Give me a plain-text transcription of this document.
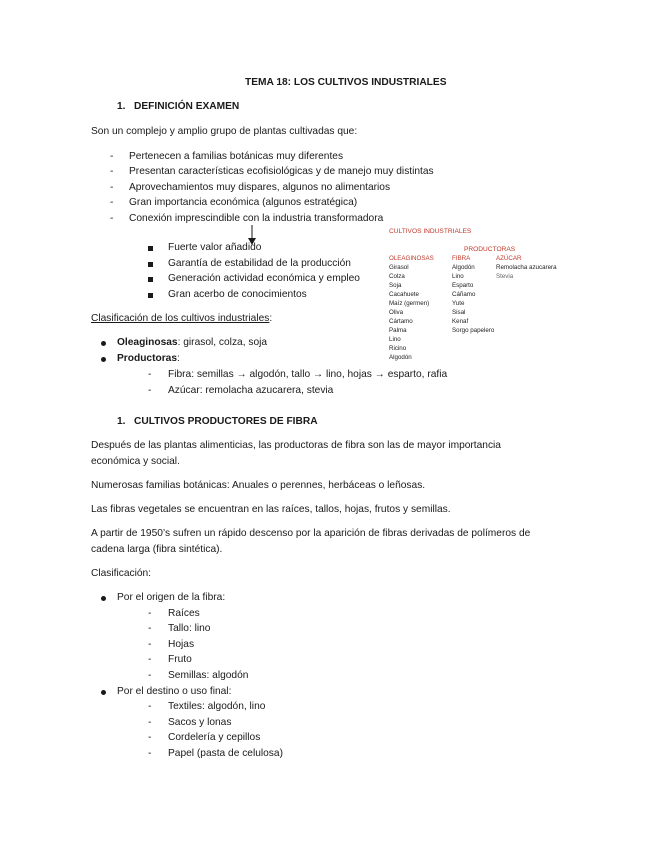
TEMA 18: LOS CULTIVOS INDUSTRIALES
1. DEFINICIÓN EXAMEN
Son un complejo y amplio grupo de plantas cultivadas que:
- Pertenecen a familias botánicas muy diferentes
- Presentan características ecofisiológicas y de manejo muy distintas
- Aprovechamientos muy dispares, algunos no alimentarios
- Gran importancia económica (algunos estratégica)
- Conexión imprescindible con la industria transformadora
Fuerte valor añadido
Garantía de estabilidad de la producción
Generación actividad económica y empleo
Gran acerbo de conocimientos
CULTIVOS INDUSTRIALES
PRODUCTORAS
OLEAGINOSAS	FIBRA	AZÚCAR
Girasol
Colza
Soja
Cacahuete
Maíz (germen)
Oliva
Cártamo
Palma
Lino
Ricino
Algodón
Algodón
Lino
Esparto
Cáñamo
Yute
Sisal
Kenaf
Sorgo papelero
Remolacha azucarera
Stevia
Clasificación de los cultivos industriales:
Oleaginosas: girasol, colza, soja
Productoras:
- Fibra: semillas → algodón, tallo → lino, hojas → esparto, rafia
- Azúcar: remolacha azucarera, stevia
1. CULTIVOS PRODUCTORES DE FIBRA
Después de las plantas alimenticias, las productoras de fibra son las de mayor importancia
económica y social.
Numerosas familias botánicas: Anuales o perennes, herbáceas o leñosas.
Las fibras vegetales se encuentran en las raíces, tallos, hojas, frutos y semillas.
A partir de 1950’s sufren un rápido descenso por la aparición de fibras derivadas de polímeros de
cadena larga (fibra sintética).
Clasificación:
Por el origen de la fibra:
- Raíces
- Tallo: lino
- Hojas
- Fruto
- Semillas: algodón
Por el destino o uso final:
- Textiles: algodón, lino
- Sacos y lonas
- Cordelería y cepillos
- Papel (pasta de celulosa)
